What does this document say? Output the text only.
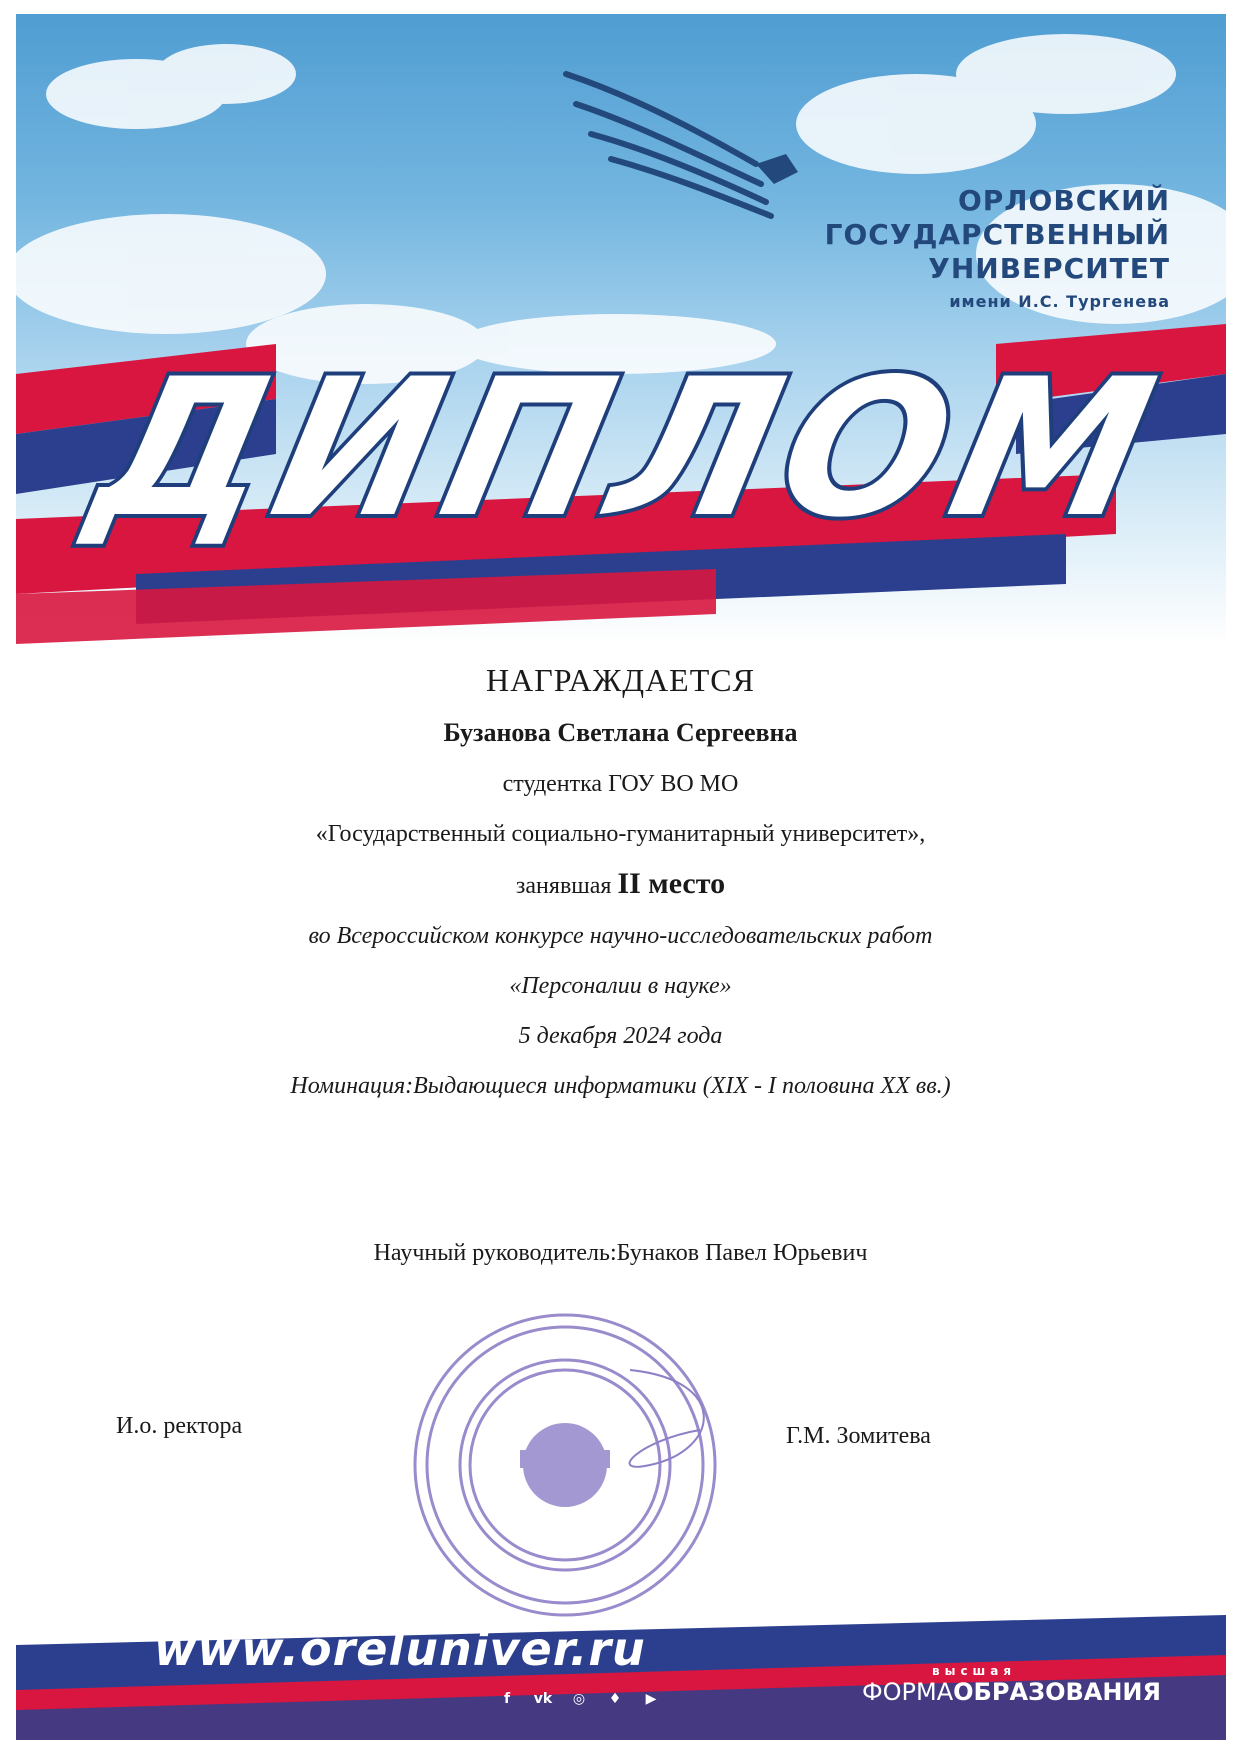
ДИПЛОМ
ОРЛОВСКИЙ
ГОСУДАРСТВЕННЫЙ
УНИВЕРСИТЕТ
имени И.С. Тургенева
НАГРАЖДАЕТСЯ
Бузанова Светлана Сергеевна
студентка ГОУ ВО МО
«Государственный социально-гуманитарный университет»,
занявшая II место
во Всероссийском конкурсе научно-исследовательских работ
«Персоналии в науке»
5 декабря 2024 года
Номинация:Выдающиеся информатики (XIX - I половина XX вв.)
Научный руководитель:Бунаков Павел Юрьевич
И.о. ректора	Г.М. Зомитева
www.oreluniver.ru
f	vk	◎	♦	▶
высшая
ФОРМАОБРАЗОВАНИЯ
